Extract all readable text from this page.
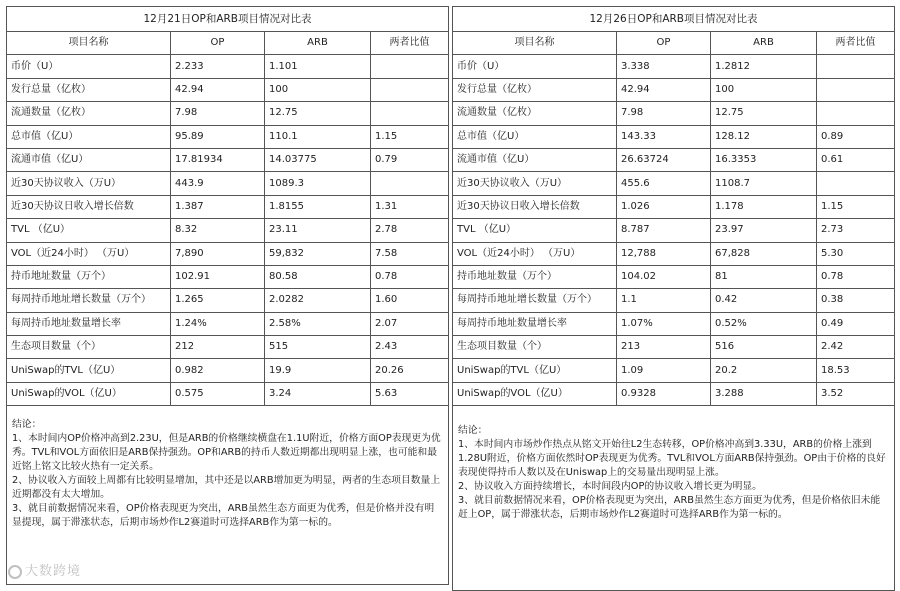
12月21日OP和ARB项目情况对比表			
项目名称	OP	ARB	两者比值
币价（U）	2.233	1.101	
发行总量（亿枚）	42.94	100	
流通数量（亿枚）	7.98	12.75	
总市值（亿U）	95.89	110.1	1.15
流通市值（亿U）	17.81934	14.03775	0.79
近30天协议收入（万U）	443.9	1089.3	
近30天协议日收入增长倍数	1.387	1.8155	1.31
TVL （亿U）	8.32	23.11	2.78
VOL（近24小时） （万U）	7,890	59,832	7.58
持币地址数量（万个）	102.91	80.58	0.78
每周持币地址增长数量（万个）	1.265	2.0282	1.60
每周持币地址数量增长率	1.24%	2.58%	2.07
生态项目数量（个）	212	515	2.43
UniSwap的TVL（亿U）	0.982	19.9	20.26
UniSwap的VOL（亿U）	0.575	3.24	5.63

结论：

1、本时间内OP价格冲高到2.23U，但是ARB的价格继续横盘在1.1U附近，价格方面OP表现更为优秀。TVL和VOL方面依旧是ARB保持强劲。OP和ARB的持币人数近期都出现明显上涨，也可能和最近铭上铭文比较火热有一定关系。

2、协议收入方面较上周都有比较明显增加，其中还是以ARB增加更为明显，两者的生态项目数量上近期都没有太大增加。

3、就目前数据情况来看，OP价格表现更为突出，ARB虽然生态方面更为优秀，但是价格并没有明显提现，属于滞涨状态，后期市场炒作L2赛道时可选择ARB作为第一标的。			

12月26日OP和ARB项目情况对比表			
项目名称	OP	ARB	两者比值
币价（U）	3.338	1.2812	
发行总量（亿枚）	42.94	100	
流通数量（亿枚）	7.98	12.75	
总市值（亿U）	143.33	128.12	0.89
流通市值（亿U）	26.63724	16.3353	0.61
近30天协议收入（万U）	455.6	1108.7	
近30天协议日收入增长倍数	1.026	1.178	1.15
TVL （亿U）	8.787	23.97	2.73
VOL（近24小时） （万U）	12,788	67,828	5.30
持币地址数量（万个）	104.02	81	0.78
每周持币地址增长数量（万个）	1.1	0.42	0.38
每周持币地址数量增长率	1.07%	0.52%	0.49
生态项目数量（个）	213	516	2.42
UniSwap的TVL（亿U）	1.09	20.2	18.53
UniSwap的VOL（亿U）	0.9328	3.288	3.52

结论：

1、本时间内市场炒作热点从铭文开始往L2生态转移，OP价格冲高到3.33U，ARB的价格上涨到1.28U附近，价格方面依然时OP表现更为优秀。TVL和VOL方面ARB保持强劲。OP由于价格的良好表现使得持币人数以及在Uniswap上的交易量出现明显上涨。

2、协议收入方面持续增长，本时间段内OP的协议收入增长更为明显。

3、就目前数据情况来看，OP价格表现更为突出，ARB虽然生态方面更为优秀，但是价格依旧未能赶上OP，属于滞涨状态，后期市场炒作L2赛道时可选择ARB作为第一标的。			

大数跨境
